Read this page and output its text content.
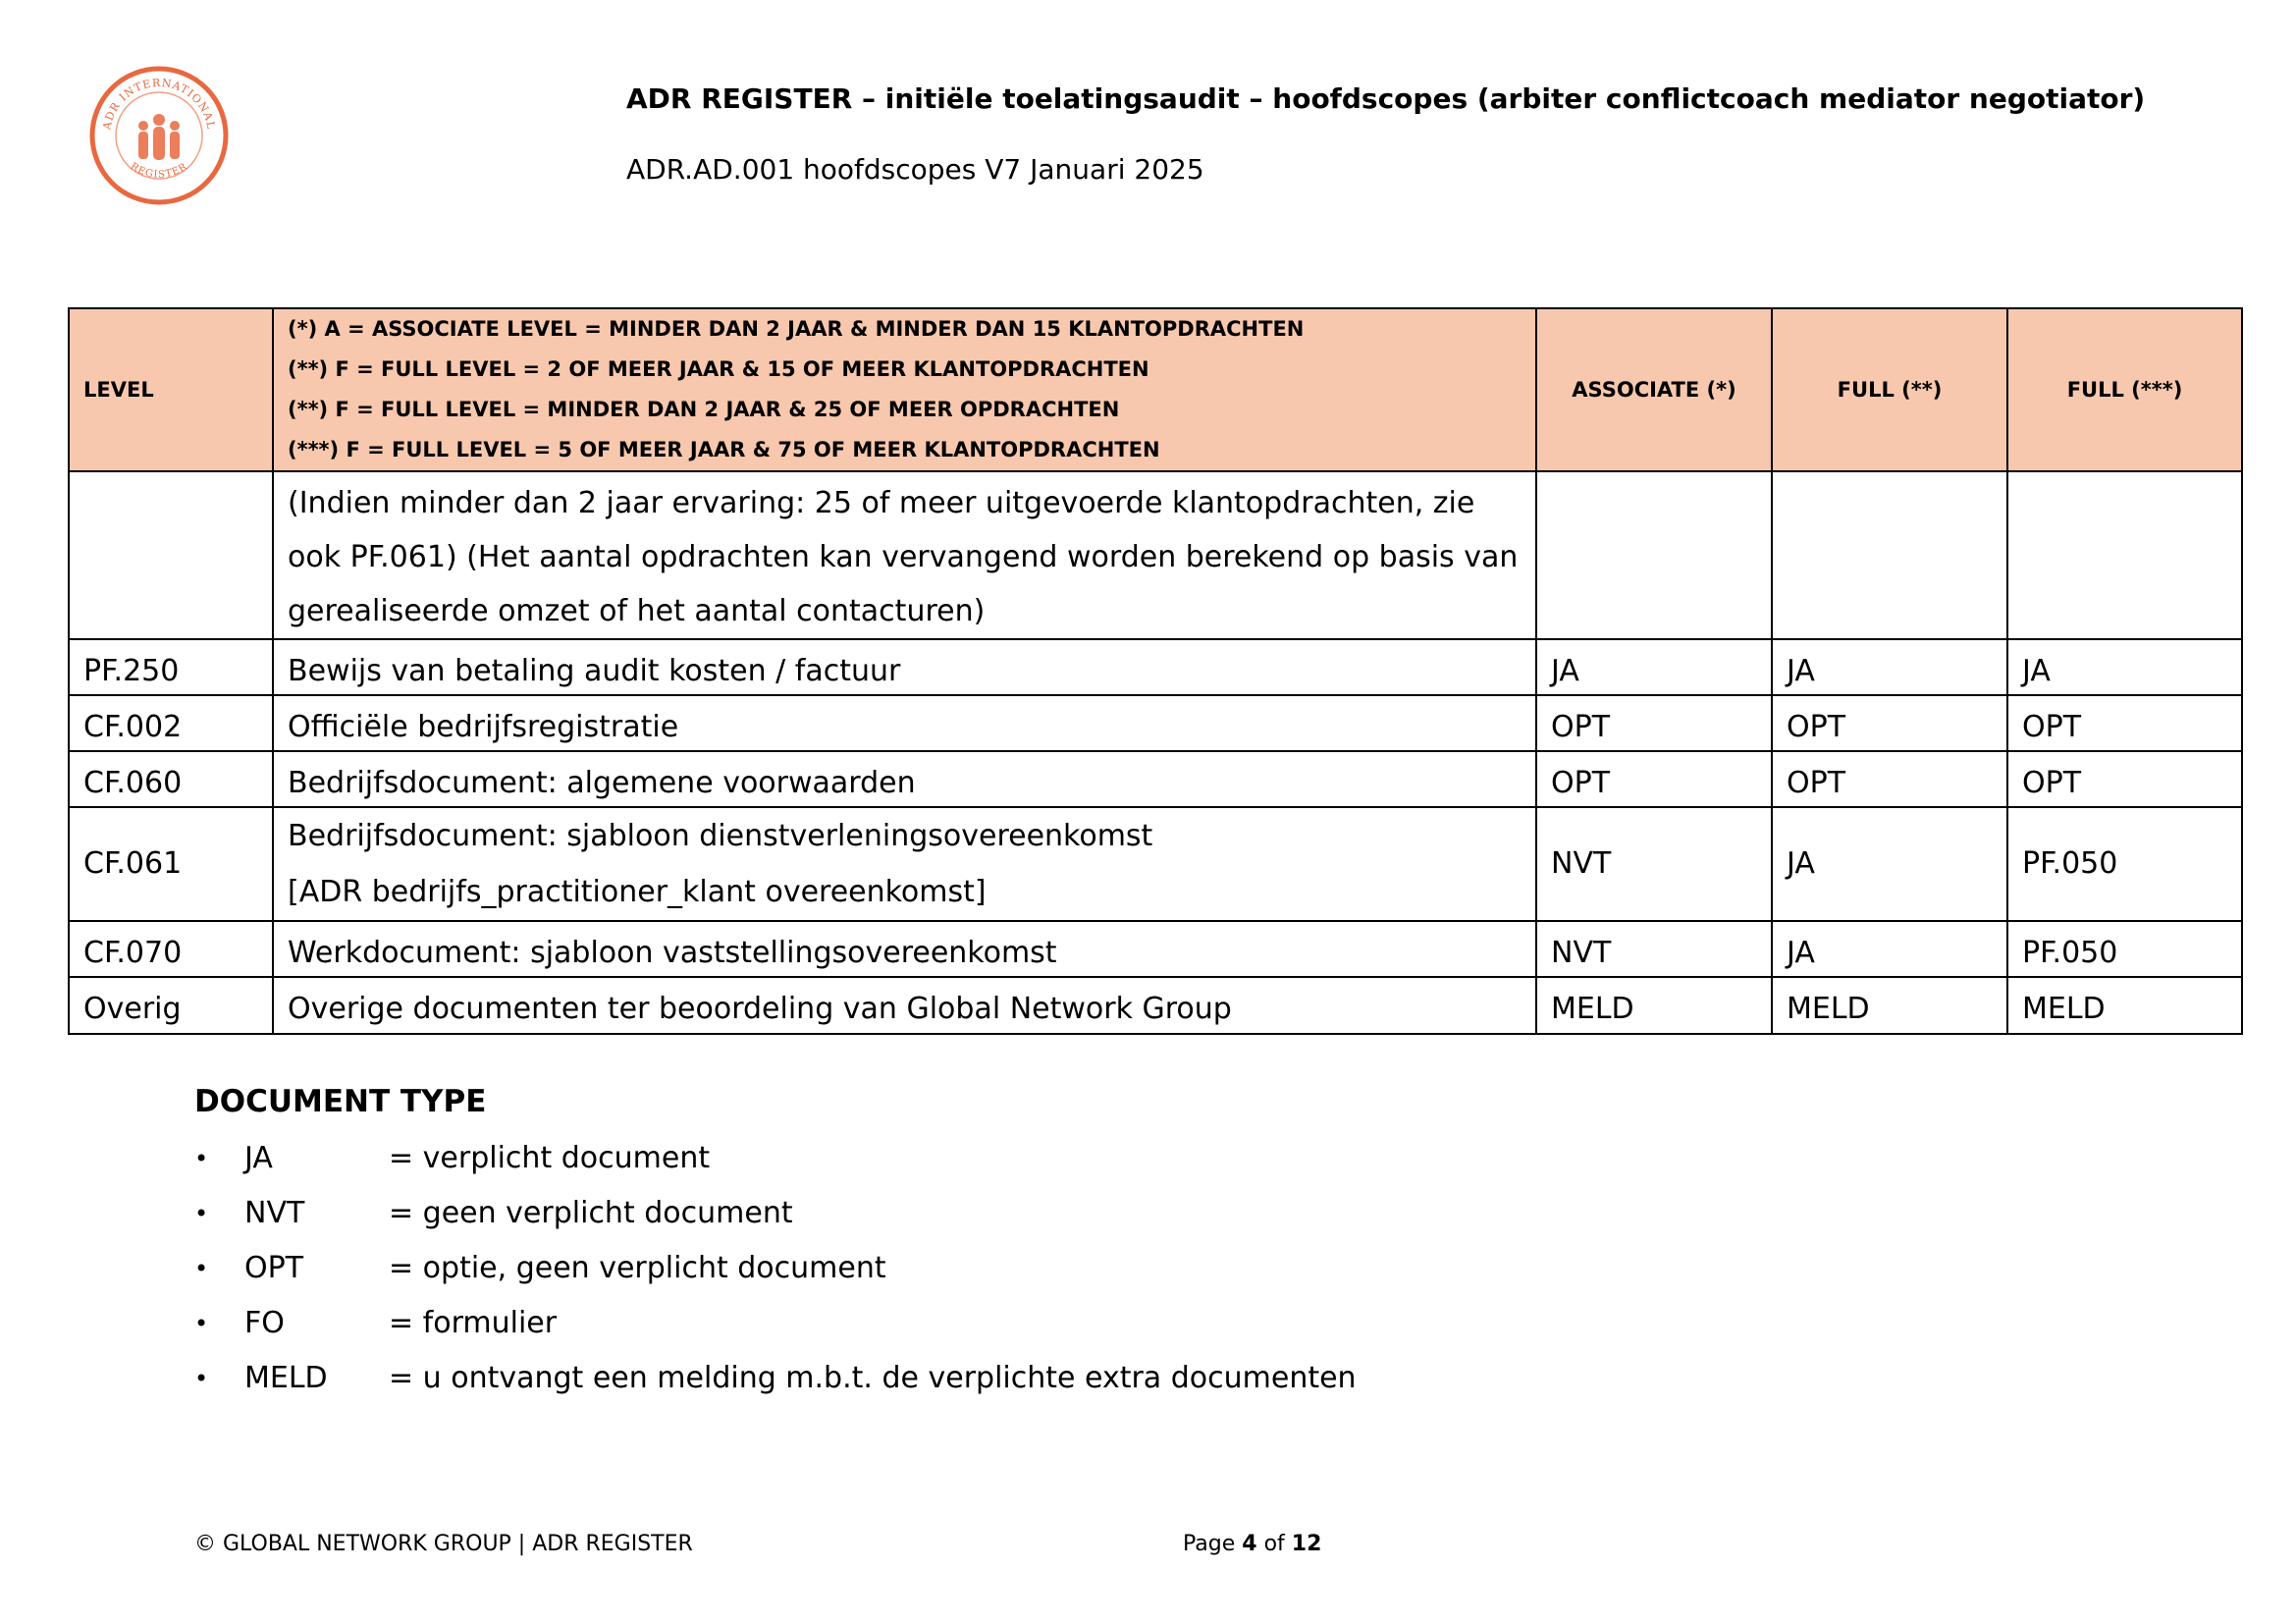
ADR INTERNATIONAL
REGISTER
ADR REGISTER – initiële toelatingsaudit – hoofdscopes (arbiter conflictcoach mediator negotiator)
ADR.AD.001 hoofdscopes V7 Januari 2025
LEVEL	(*) A = ASSOCIATE LEVEL = MINDER DAN 2 JAAR & MINDER DAN 15 KLANTOPDRACHTEN
(**) F = FULL LEVEL = 2 OF MEER JAAR & 15 OF MEER KLANTOPDRACHTEN
(**) F = FULL LEVEL = MINDER DAN 2 JAAR & 25 OF MEER OPDRACHTEN
(***) F = FULL LEVEL = 5 OF MEER JAAR & 75 OF MEER KLANTOPDRACHTEN	ASSOCIATE (*)	FULL (**)	FULL (***)
	(Indien minder dan 2 jaar ervaring: 25 of meer uitgevoerde klantopdrachten, zie ook PF.061) (Het aantal opdrachten kan vervangend worden berekend op basis van gerealiseerde omzet of het aantal contacturen)			
PF.250	Bewijs van betaling audit kosten / factuur	JA	JA	JA
CF.002	Officiële bedrijfsregistratie	OPT	OPT	OPT
CF.060	Bedrijfsdocument: algemene voorwaarden	OPT	OPT	OPT
CF.061	Bedrijfsdocument: sjabloon dienstverleningsovereenkomst
[ADR bedrijfs_practitioner_klant overeenkomst]	NVT	JA	PF.050
CF.070	Werkdocument: sjabloon vaststellingsovereenkomst	NVT	JA	PF.050
Overig	Overige documenten ter beoordeling van Global Network Group	MELD	MELD	MELD
DOCUMENT TYPE
• JA	= verplicht document
• NVT	= geen verplicht document
• OPT	= optie, geen verplicht document
• FO	= formulier
• MELD = u ontvangt een melding m.b.t. de verplichte extra documenten
© GLOBAL NETWORK GROUP | ADR REGISTER	Page 4 of 12
